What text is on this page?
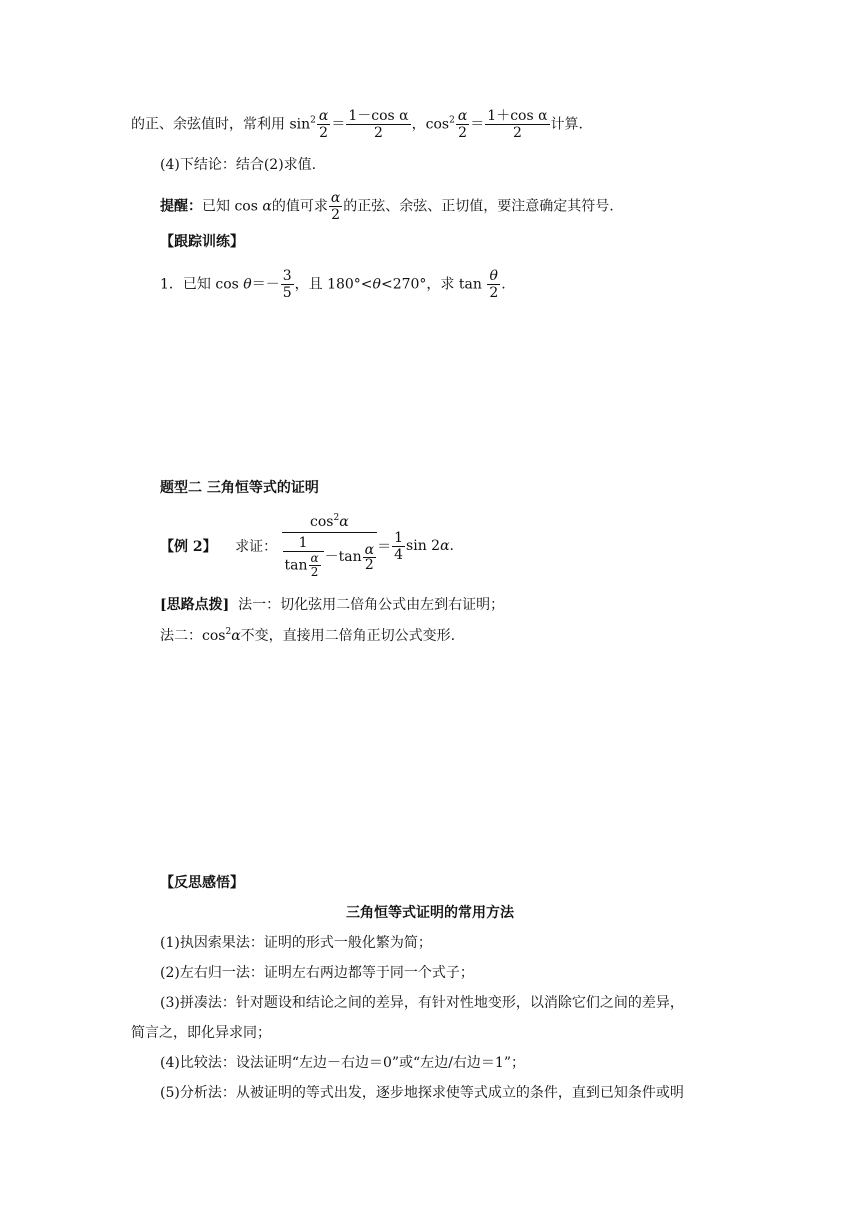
的正、余弦值时，常利用 $\sin^2 \frac{\alpha}{2} = \frac{\text{1－cos α}}{2}$ ，$\cos^2 \frac{\alpha}{2} = \frac{\text{1＋cos α}}{2}$ 计算.
(4)下结论：结合(2)求值.
提醒：已知 cos α的值可求 $\frac{\alpha}{2}$ 的正弦、余弦、正切值，要注意确定其符号.
【跟踪训练】
1．已知 $\cos \theta=- \frac{3}{5}$ ，且 180°<θ<270°，求 $\tan \frac{\theta}{2}$ .
题型二 三角恒等式的证明
【例 2】 求证： $\frac{\cos^2\alpha}{\frac{1}{\tan \frac{\alpha}{2}} -\tan \frac{\alpha}{2}} = \frac{1}{4}$ sin 2α.
[思路点拨] 法一：切化弦用二倍角公式由左到右证明；
法二：$\cos^2\alpha$不变，直接用二倍角正切公式变形.
【反思感悟】
三角恒等式证明的常用方法
(1)执因索果法：证明的形式一般化繁为简；
(2)左右归一法：证明左右两边都等于同一个式子；
(3)拼凑法：针对题设和结论之间的差异，有针对性地变形，以消除它们之间的差异，
简言之，即化异求同；
(4)比较法：设法证明“左边－右边＝0”或“左边/右边＝1”；
(5)分析法：从被证明的等式出发，逐步地探求使等式成立的条件，直到已知条件或明
